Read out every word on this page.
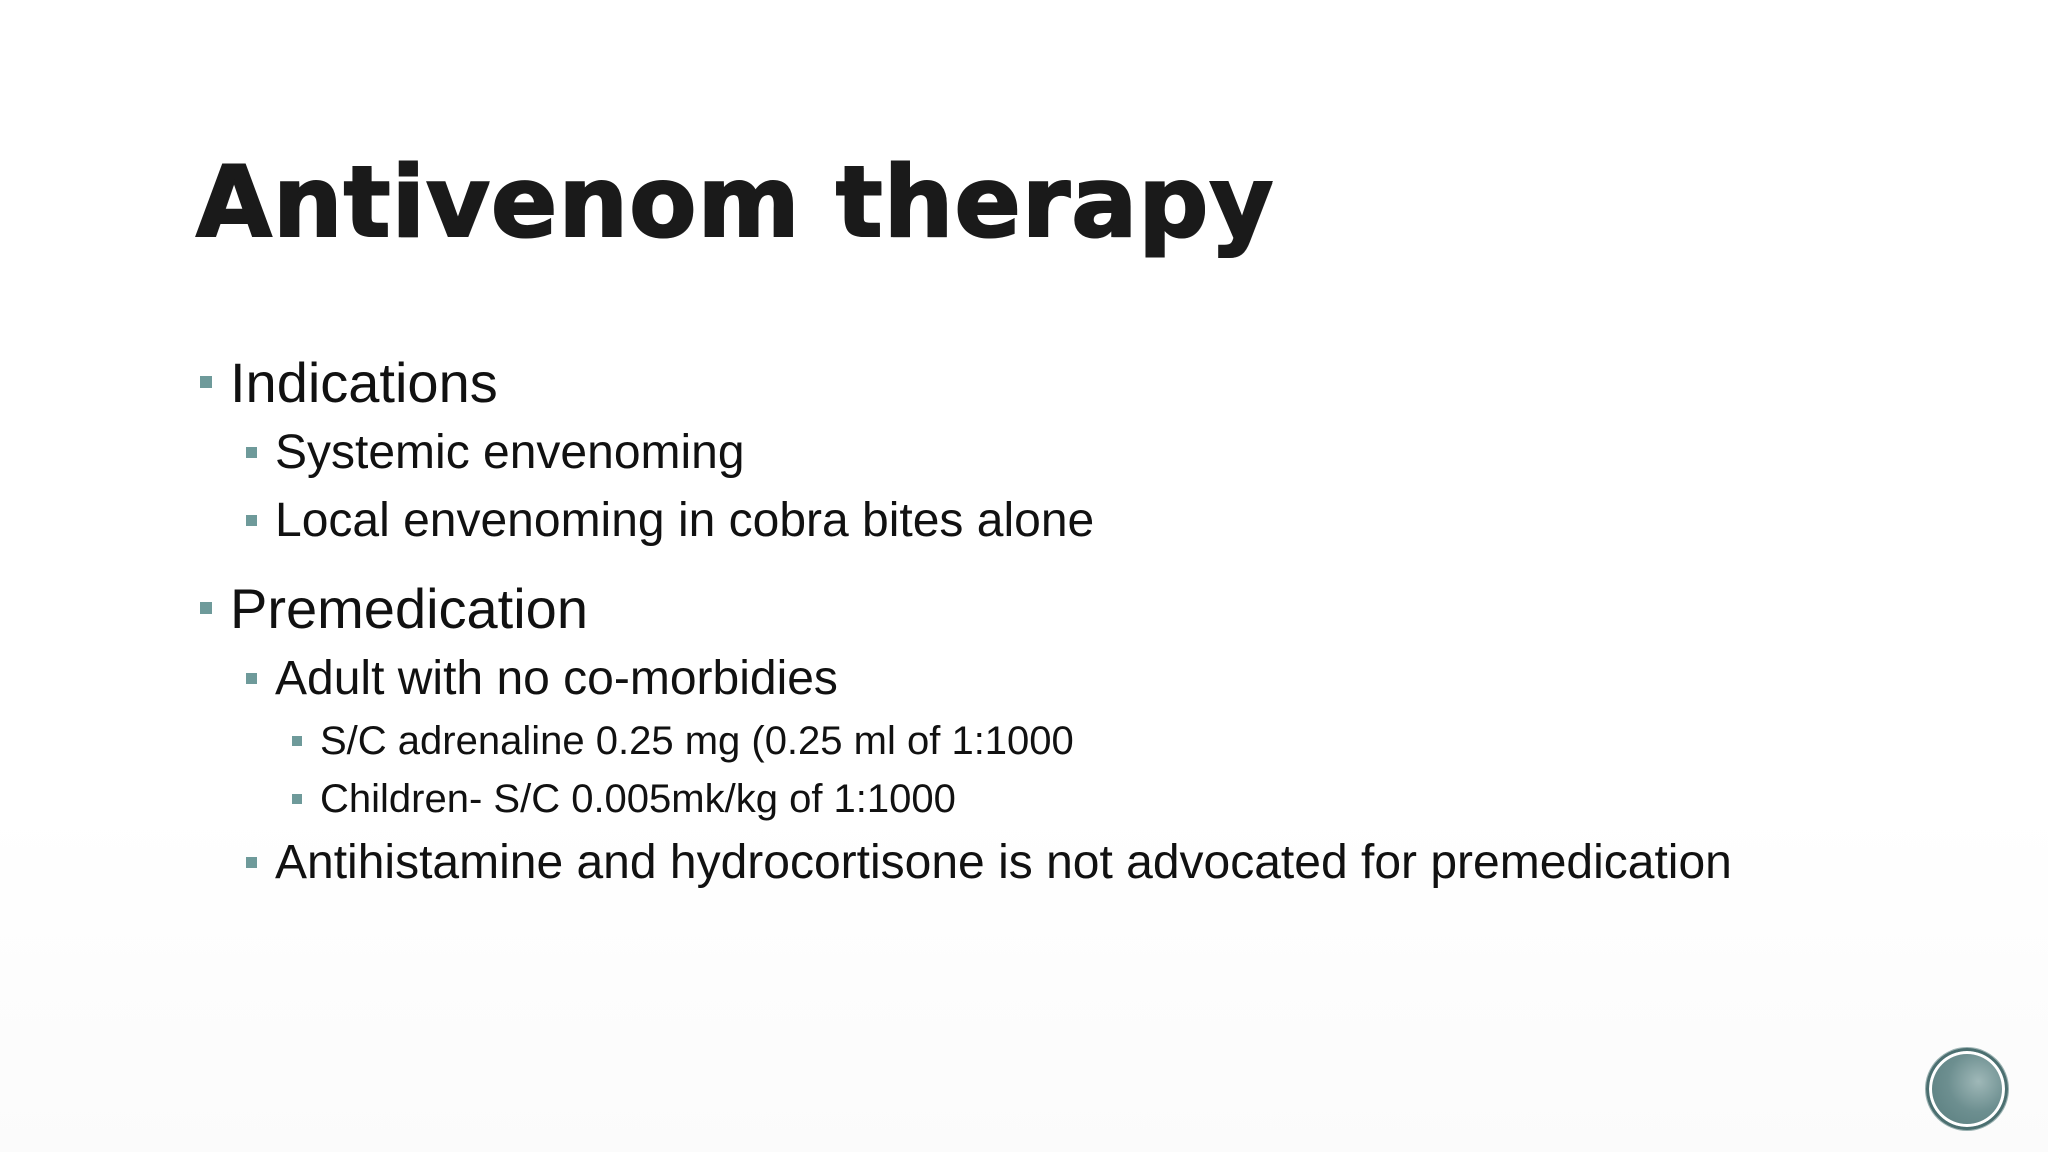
Antivenom therapy
Indications
Systemic envenoming
Local envenoming in cobra bites alone
Premedication
Adult with no co-morbidies
S/C adrenaline 0.25 mg (0.25 ml of 1:1000
Children- S/C 0.005mk/kg of 1:1000
Antihistamine and hydrocortisone is not advocated for premedication
